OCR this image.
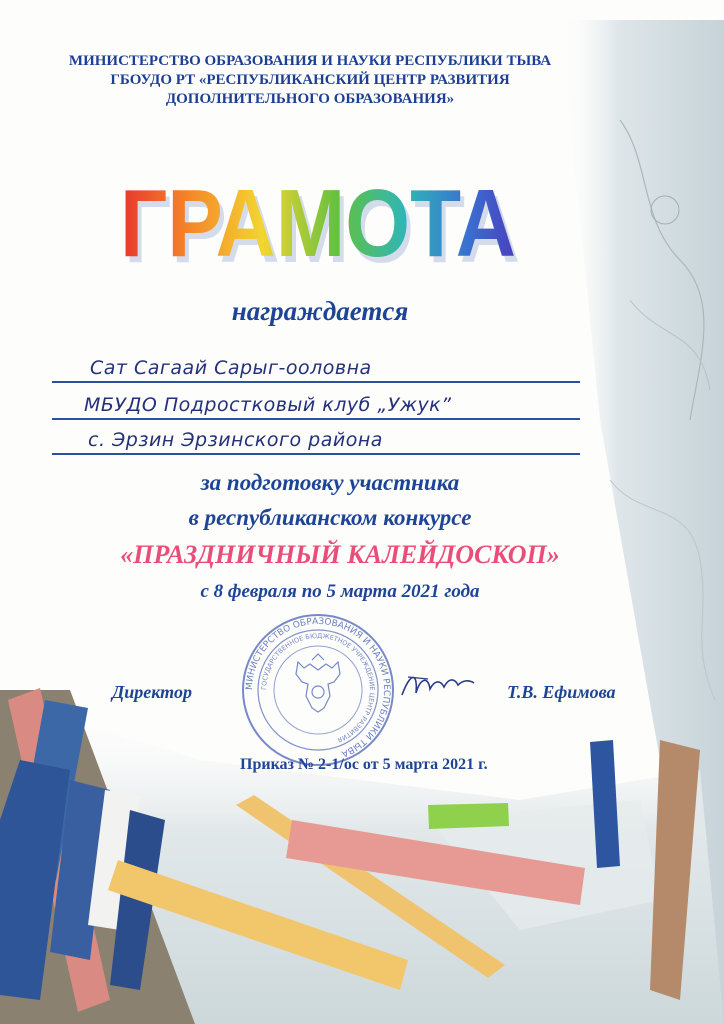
МИНИСТЕРСТВО ОБРАЗОВАНИЯ И НАУКИ РЕСПУБЛИКИ ТЫВА
ГБОУДО РТ «РЕСПУБЛИКАНСКИЙ ЦЕНТР РАЗВИТИЯ
ДОПОЛНИТЕЛЬНОГО ОБРАЗОВАНИЯ»
ГРАМОТА
ГРАМОТА
награждается
Сат Сагаай Сарыг-ооловна
МБУДО Подростковый клуб „Ужук”
с. Эрзин Эрзинского района
за подготовку участника
в республиканском конкурсе
«ПРАЗДНИЧНЫЙ КАЛЕЙДОСКОП»
с 8 февраля по 5 марта 2021 года
МИНИСТЕРСТВО ОБРАЗОВАНИЯ И НАУКИ РЕСПУБЛИКИ ТЫВА
ГОСУДАРСТВЕННОЕ БЮДЖЕТНОЕ УЧРЕЖДЕНИЕ ЦЕНТР РАЗВИТИЯ
Директор	Т.В. Ефимова
Приказ № 2-1/ос от 5 марта 2021 г.
